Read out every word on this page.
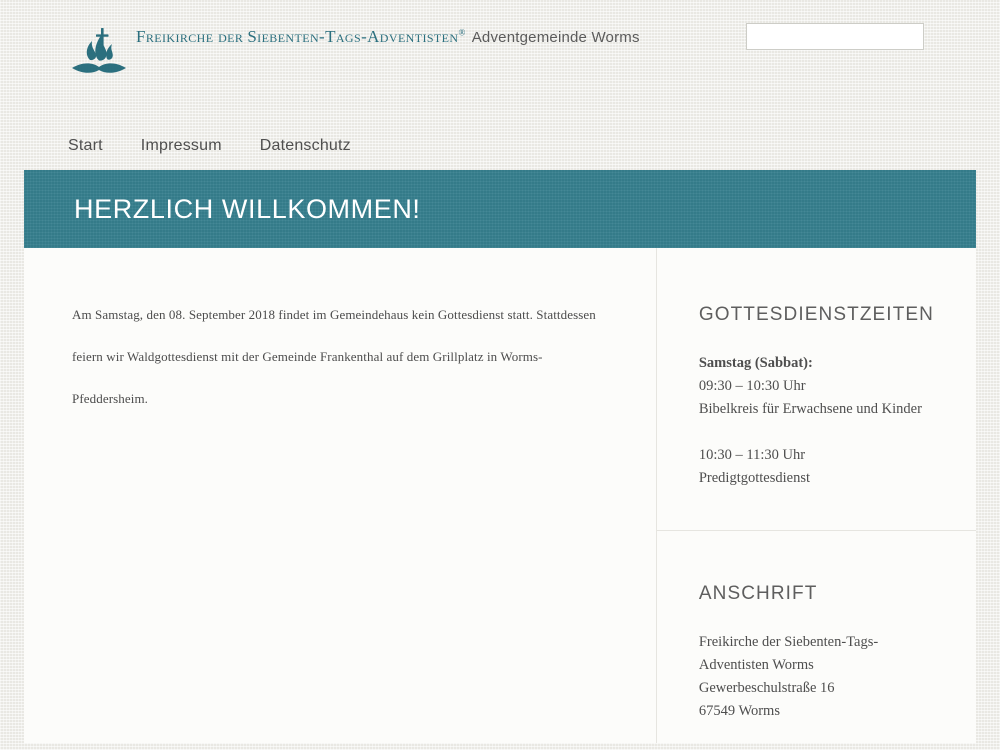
Freikirche der Siebenten-Tags-Adventisten® Adventgemeinde Worms
Start	Impressum	Datenschutz
HERZLICH WILLKOMMEN!

Am Samstag, den 08. September 2018 findet im Gemeindehaus kein Gottesdienst statt. Stattdessen feiern wir Waldgottesdienst mit der Gemeinde Frankenthal auf dem Grillplatz in Worms-Pfeddersheim.

GOTTESDIENSTZEITEN
Samstag (Sabbat):
09:30 – 10:30 Uhr
Bibelkreis für Erwachsene und Kinder
10:30 – 11:30 Uhr
Predigtgottesdienst
ANSCHRIFT
Freikirche der Siebenten-Tags-
Adventisten Worms
Gewerbeschulstraße 16
67549 Worms
